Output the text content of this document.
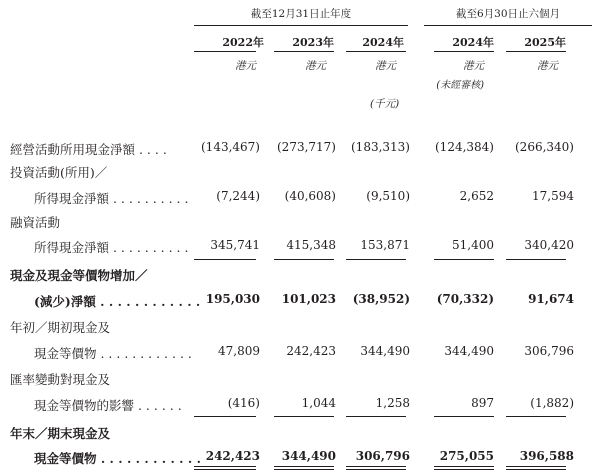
截至12月31日止年度	截至6月30日止六個月
2022年	2023年	2024年	2024年	2025年
港元	港元	港元	港元	港元
(未經審核)
(千元)
經營活動所用現金淨額 . . . .	(143,467)	(273,717)	(183,313)	(124,384)	(266,340)
投資活動(所用)／
所得現金淨額 . . . . . . . . . .	(7,244)	(40,608)	(9,510)	2,652	17,594
融資活動
所得現金淨額 . . . . . . . . . .	345,741	415,348	153,871	51,400	340,420
現金及現金等價物增加／
(減少)淨額 . . . . . . . . . . . . 195,030	101,023	(38,952)	(70,332)	91,674
年初／期初現金及
現金等價物 . . . . . . . . . . . .	47,809	242,423	344,490	344,490	306,796
匯率變動對現金及
現金等價物的影響 . . . . . .	(416)	1,044	1,258	897	(1,882)
年末／期末現金及
現金等價物 . . . . . . . . . . . . 242,423	344,490	306,796	275,055	396,588
